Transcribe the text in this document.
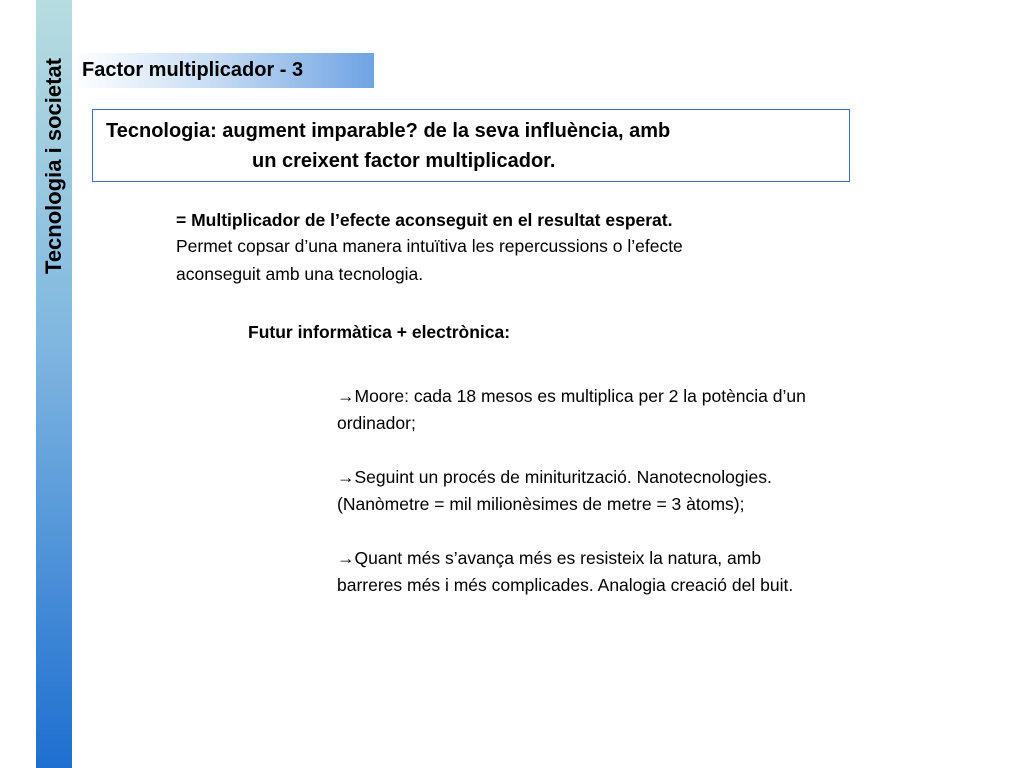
Tecnologia i societat Factor multiplicador - 3
Tecnologia: augment imparable? de la seva influència, amb
un creixent factor multiplicador.
= Multiplicador de l’efecte aconseguit en el resultat esperat.
Permet copsar d’una manera intuïtiva les repercussions o l’efecte
aconseguit amb una tecnologia.
Futur informàtica + electrònica:
→Moore: cada 18 mesos es multiplica per 2 la potència d’un
ordinador;
→Seguint un procés de miniturització. Nanotecnologies.
(Nanòmetre = mil milionèsimes de metre = 3 àtoms);
→Quant més s’avança més es resisteix la natura, amb
barreres més i més complicades. Analogia creació del buit.
